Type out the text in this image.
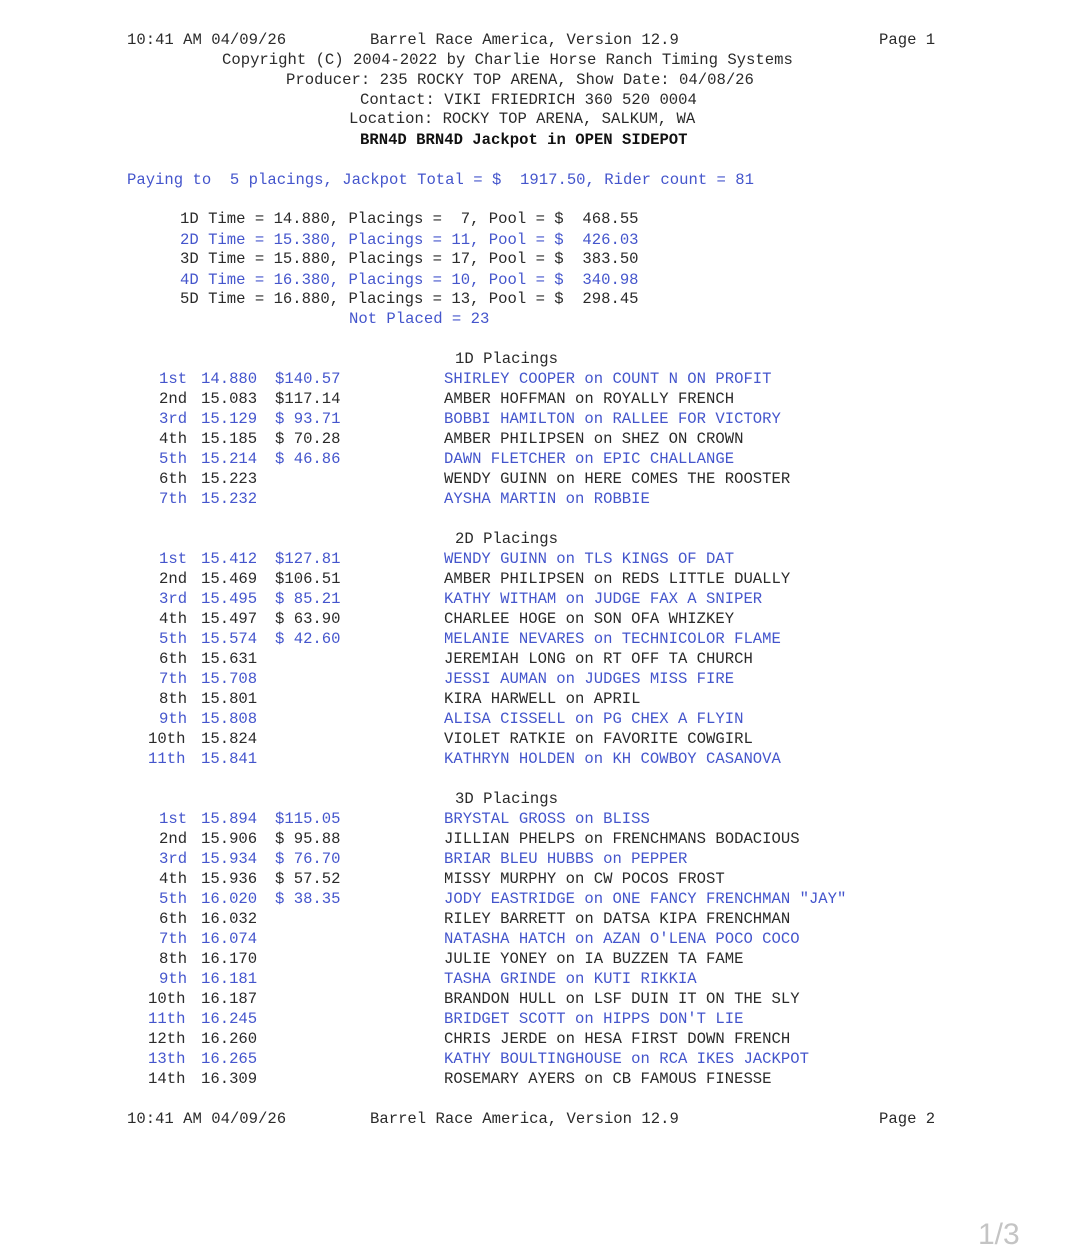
10:41 AM 04/09/26	Barrel Race America, Version 12.9	Page 1
Copyright (C) 2004-2022 by Charlie Horse Ranch Timing Systems
Producer: 235 ROCKY TOP ARENA, Show Date: 04/08/26
Contact: VIKI FRIEDRICH 360 520 0004
Location: ROCKY TOP ARENA, SALKUM, WA
BRN4D BRN4D Jackpot in OPEN SIDEPOT
Paying to  5 placings, Jackpot Total = $  1917.50, Rider count = 81
1D Time = 14.880, Placings =  7, Pool = $  468.55
2D Time = 15.380, Placings = 11, Pool = $  426.03
3D Time = 15.880, Placings = 17, Pool = $  383.50
4D Time = 16.380, Placings = 10, Pool = $  340.98
5D Time = 16.880, Placings = 13, Pool = $  298.45
Not Placed = 23
1D Placings
1st 14.880 $140.57	SHIRLEY COOPER on COUNT N ON PROFIT
2nd 15.083 $117.14	AMBER HOFFMAN on ROYALLY FRENCH
3rd 15.129 $ 93.71	BOBBI HAMILTON on RALLEE FOR VICTORY
4th 15.185 $ 70.28	AMBER PHILIPSEN on SHEZ ON CROWN
5th 15.214 $ 46.86	DAWN FLETCHER on EPIC CHALLANGE
6th 15.223	WENDY GUINN on HERE COMES THE ROOSTER
7th 15.232	AYSHA MARTIN on ROBBIE
2D Placings
1st 15.412 $127.81	WENDY GUINN on TLS KINGS OF DAT
2nd 15.469 $106.51	AMBER PHILIPSEN on REDS LITTLE DUALLY
3rd 15.495 $ 85.21	KATHY WITHAM on JUDGE FAX A SNIPER
4th 15.497 $ 63.90	CHARLEE HOGE on SON OFA WHIZKEY
5th 15.574 $ 42.60	MELANIE NEVARES on TECHNICOLOR FLAME
6th 15.631	JEREMIAH LONG on RT OFF TA CHURCH
7th 15.708	JESSI AUMAN on JUDGES MISS FIRE
8th 15.801	KIRA HARWELL on APRIL
9th 15.808	ALISA CISSELL on PG CHEX A FLYIN
10th 15.824	VIOLET RATKIE on FAVORITE COWGIRL
11th 15.841	KATHRYN HOLDEN on KH COWBOY CASANOVA
3D Placings
1st 15.894 $115.05	BRYSTAL GROSS on BLISS
2nd 15.906 $ 95.88	JILLIAN PHELPS on FRENCHMANS BODACIOUS
3rd 15.934 $ 76.70	BRIAR BLEU HUBBS on PEPPER
4th 15.936 $ 57.52	MISSY MURPHY on CW POCOS FROST
5th 16.020 $ 38.35	JODY EASTRIDGE on ONE FANCY FRENCHMAN "JAY"
6th 16.032	RILEY BARRETT on DATSA KIPA FRENCHMAN
7th 16.074	NATASHA HATCH on AZAN O'LENA POCO COCO
8th 16.170	JULIE YONEY on IA BUZZEN TA FAME
9th 16.181	TASHA GRINDE on KUTI RIKKIA
10th 16.187	BRANDON HULL on LSF DUIN IT ON THE SLY
11th 16.245	BRIDGET SCOTT on HIPPS DON'T LIE
12th 16.260	CHRIS JERDE on HESA FIRST DOWN FRENCH
13th 16.265	KATHY BOULTINGHOUSE on RCA IKES JACKPOT
14th 16.309	ROSEMARY AYERS on CB FAMOUS FINESSE
10:41 AM 04/09/26	Barrel Race America, Version 12.9	Page 2
1/3
